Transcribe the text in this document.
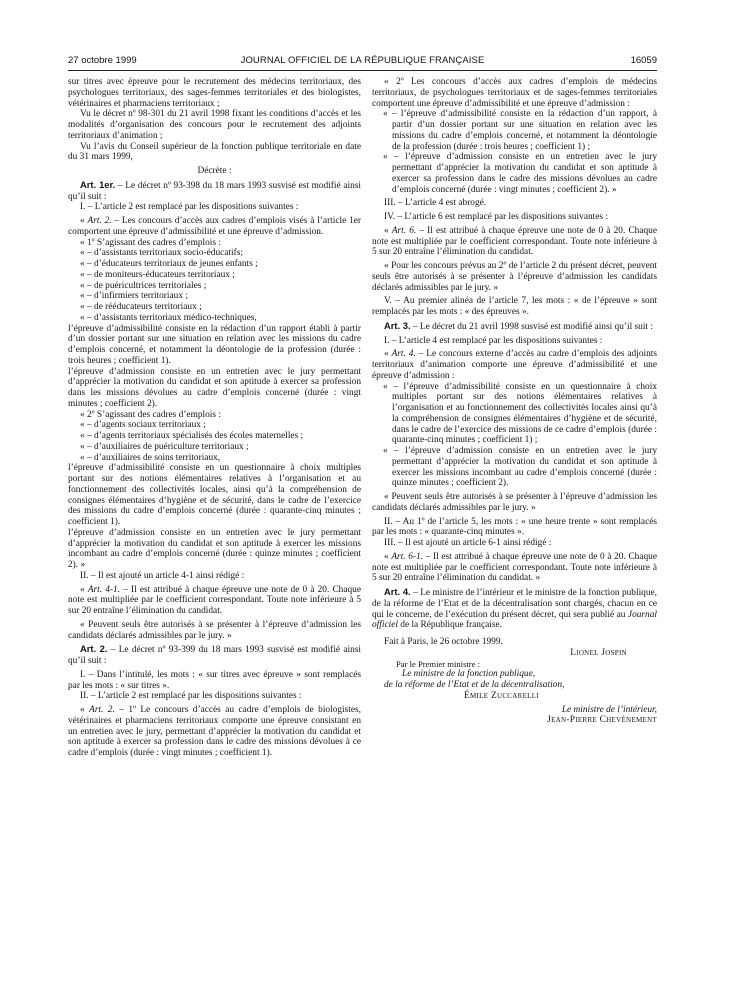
27 octobre 1999	JOURNAL OFFICIEL DE LA RÉPUBLIQUE FRANÇAISE	16059

sur titres avec épreuve pour le recrutement des médecins territoriaux, des psychologues territoriaux, des sages-femmes territoriales et des biologistes, vétérinaires et pharmaciens territoriaux ;

Vu le décret nº 98-301 du 21 avril 1998 fixant les conditions d’accès et les modalités d’organisation des concours pour le recrutement des adjoints territoriaux d’animation ;

Vu l’avis du Conseil supérieur de la fonction publique territoriale en date du 31 mars 1999,

Décrète :

Art. 1er. – Le décret nº 93-398 du 18 mars 1993 susvisé est modifié ainsi qu’il suit :

I. – L’article 2 est remplacé par les dispositions suivantes :

« Art. 2. – Les concours d’accès aux cadres d’emplois visés à l’article 1er comportent une épreuve d’admissibilité et une épreuve d’admission.

« 1º S’agissant des cadres d’emplois :

« – d’assistants territoriaux socio-éducatifs;

« – d’éducateurs territoriaux de jeunes enfants ;

« – de moniteurs-éducateurs territoriaux ;

« – de puéricultrices territoriales ;

« – d’infirmiers territoriaux ;

« – de rééducateurs territoriaux ;

« – d’assistants territoriaux médico-techniques,

l’épreuve d’admissibilité consiste en la rédaction d’un rapport établi à partir d’un dossier portant sur une situation en relation avec les missions du cadre d’emplois concerné, et notamment la déontologie de la profession (durée : trois heures ; coefficient 1).

l’épreuve d’admission consiste en un entretien avec le jury permettant d’apprécier la motivation du candidat et son aptitude à exercer sa profession dans les missions dévolues au cadre d’emplois concerné (durée : vingt minutes ; coefficient 2).

« 2º S’agissant des cadres d’emplois :

« – d’agents sociaux territoriaux ;

« – d’agents territoriaux spécialisés des écoles maternelles ;

« – d’auxiliaires de puériculture territoriaux ;

« – d’auxiliaires de soins territoriaux,

l’épreuve d’admissibilité consiste en un questionnaire à choix multiples portant sur des notions élémentaires relatives à l’organisation et au fonctionnement des collectivités locales, ainsi qu’à la compréhension de consignes élémentaires d’hygiène et de sécurité, dans le cadre de l’exercice des missions du cadre d’emplois concerné (durée : quarante-cinq minutes ; coefficient 1).

l’épreuve d’admission consiste en un entretien avec le jury permettant d’apprécier la motivation du candidat et son aptitude à exercer les missions incombant au cadre d’emplois concerné (durée : quinze minutes ; coefficient 2). »

II. – Il est ajouté un article 4-1 ainsi rédigé :

« Art. 4-1. – Il est attribué à chaque épreuve une note de 0 à 20. Chaque note est multipliée par le coefficient correspondant. Toute note inférieure à 5 sur 20 entraîne l’élimination du candidat.

« Peuvent seuls être autorisés à se présenter à l’épreuve d’admission les candidats déclarés admissibles par le jury. »

Art. 2. – Le décret nº 93-399 du 18 mars 1993 susvisé est modifié ainsi qu’il suit :

I. – Dans l’intitulé, les mots : « sur titres avec épreuve » sont remplacés par les mots : « sur titres ».

II. – L’article 2 est remplacé par les dispositions suivantes :

« Art. 2. – 1º Le concours d’accès au cadre d’emplois de biologistes, vétérinaires et pharmaciens territoriaux comporte une épreuve consistant en un entretien avec le jury, permettant d’apprécier la motivation du candidat et son aptitude à exercer sa profession dans le cadre des missions dévolues à ce cadre d’emplois (durée : vingt minutes ; coefficient 1).

« 2º Les concours d’accès aux cadres d’emplois de médecins territoriaux, de psychologues territoriaux et de sages-femmes territoriales comportent une épreuve d’admissibilité et une épreuve d’admission :

« – l’épreuve d’admissibilité consiste en la rédaction d’un rapport, à partir d’un dossier portant sur une situation en relation avec les missions du cadre d’emplois concerné, et notamment la déontologie de la profession (durée : trois heures ; coefficient 1) ;

« – l’épreuve d’admission consiste en un entretien avec le jury permettant d’apprécier la motivation du candidat et son aptitude à exercer sa profession dans le cadre des missions dévolues au cadre d’emplois concerné (durée : vingt minutes ; coefficient 2). »

III. – L’article 4 est abrogé.

IV. – L’article 6 est remplacé par les dispositions suivantes :

« Art. 6. – Il est attribué à chaque épreuve une note de 0 à 20. Chaque note est multipliée par le coefficient correspondant. Toute note inférieure à 5 sur 20 entraîne l’élimination du candidat.

« Pour les concours prévus au 2º de l’article 2 du présent décret, peuvent seuls être autorisés à se présenter à l’épreuve d’admission les candidats déclarés admissibles par le jury. »

V. – Au premier alinéa de l’article 7, les mots : « de l’épreuve » sont remplacés par les mots : « des épreuves ».

Art. 3. – Le décret du 21 avril 1998 susvisé est modifié ainsi qu’il suit :

I. – L’article 4 est remplacé par les dispositions suivantes :

« Art. 4. – Le concours externe d’accès au cadre d’emplois des adjoints territoriaux d’animation comporte une épreuve d’admissibilité et une épreuve d’admission :

« – l’épreuve d’admissibilité consiste en un questionnaire à choix multiples portant sur des notions élémentaires relatives à l’organisation et au fonctionnement des collectivités locales ainsi qu’à la compréhension de consignes élémentaires d’hygiène et de sécurité, dans le cadre de l’exercice des missions de ce cadre d’emplois (durée : quarante-cinq minutes ; coefficient 1) ;

« – l’épreuve d’admission consiste en un entretien avec le jury permettant d’apprécier la motivation du candidat et son aptitude à exercer les missions incombant au cadre d’emplois concerné (durée : quinze minutes ; coefficient 2).

« Peuvent seuls être autorisés à se présenter à l’épreuve d’admission les candidats déclarés admissibles par le jury. »

II. – Au 1º de l’article 5, les mots : « une heure trente » sont remplacés par les mots : « quarante-cinq minutes ».

III. – Il est ajouté un article 6-1 ainsi rédigé :

« Art. 6-1. – Il est attribué à chaque épreuve une note de 0 à 20. Chaque note est multipliée par le coefficient correspondant. Toute note inférieure à 5 sur 20 entraîne l’élimination du candidat. »

Art. 4. – Le ministre de l’intérieur et le ministre de la fonction publique, de la réforme de l’Etat et de la décentralisation sont chargés, chacun en ce qui le concerne, de l’exécution du présent décret, qui sera publié au Journal officiel de la République française.

Fait à Paris, le 26 octobre 1999.

Lionel Jospin

Par le Premier ministre :

Le ministre de la fonction publique,

de la réforme de l’Etat et de la décentralisation,

Émile Zuccarelli

Le ministre de l’intérieur,

Jean-Pierre Chevènement
